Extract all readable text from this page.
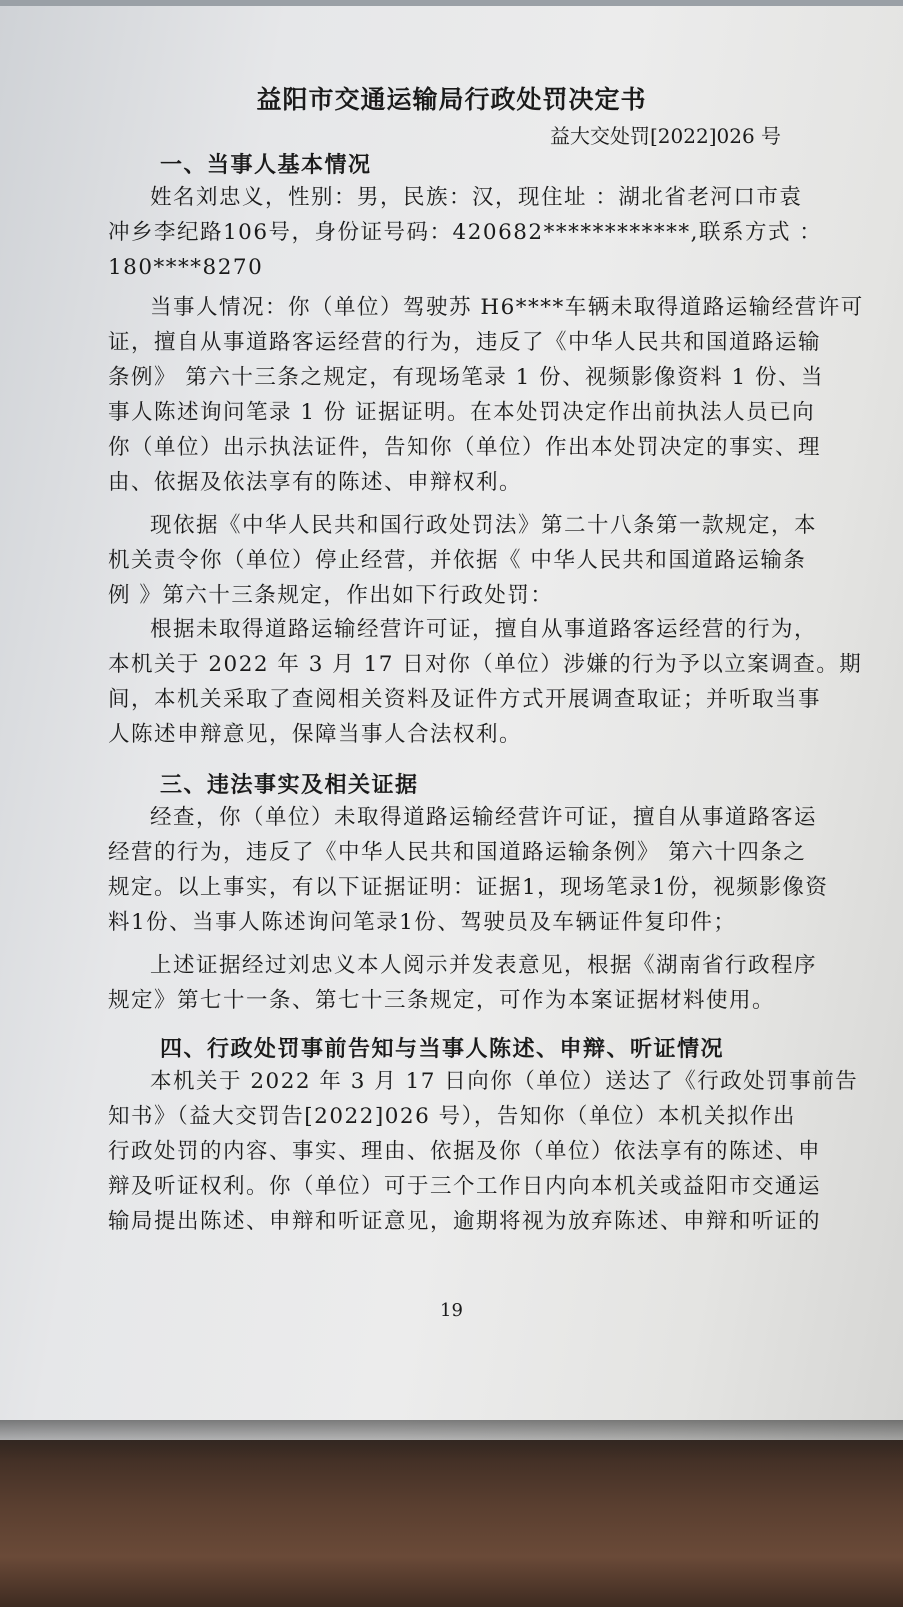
益阳市交通运输局行政处罚决定书
益大交处罚[2022]026 号
一、当事人基本情况
姓名刘忠义，性别：男，民族：汉，现住址 ：湖北省老河口市袁
冲乡李纪路106号，身份证号码：420682************,联系方式 ：
180****8270
当事人情况：你（单位）驾驶苏 H6****车辆未取得道路运输经营许可
证，擅自从事道路客运经营的行为，违反了《中华人民共和国道路运输
条例》 第六十三条之规定，有现场笔录 1 份、视频影像资料 1 份、当
事人陈述询问笔录 1 份 证据证明。在本处罚决定作出前执法人员已向
你（单位）出示执法证件，告知你（单位）作出本处罚决定的事实、理
由、依据及依法享有的陈述、申辩权利。
现依据《中华人民共和国行政处罚法》第二十八条第一款规定，本
机关责令你（单位）停止经营，并依据《 中华人民共和国道路运输条
例 》第六十三条规定，作出如下行政处罚：
根据未取得道路运输经营许可证，擅自从事道路客运经营的行为，
本机关于 2022 年 3 月 17 日对你（单位）涉嫌的行为予以立案调查。期
间，本机关采取了查阅相关资料及证件方式开展调查取证；并听取当事
人陈述申辩意见，保障当事人合法权利。
三、违法事实及相关证据
经查，你（单位）未取得道路运输经营许可证，擅自从事道路客运
经营的行为，违反了《中华人民共和国道路运输条例》 第六十四条之
规定。以上事实，有以下证据证明：证据1，现场笔录1份，视频影像资
料1份、当事人陈述询问笔录1份、驾驶员及车辆证件复印件；
上述证据经过刘忠义本人阅示并发表意见，根据《湖南省行政程序
规定》第七十一条、第七十三条规定，可作为本案证据材料使用。
四、行政处罚事前告知与当事人陈述、申辩、听证情况
本机关于 2022 年 3 月 17 日向你（单位）送达了《行政处罚事前告
知书》（益大交罚告[2022]026 号），告知你（单位）本机关拟作出
行政处罚的内容、事实、理由、依据及你（单位）依法享有的陈述、申
辩及听证权利。你（单位）可于三个工作日内向本机关或益阳市交通运
输局提出陈述、申辩和听证意见，逾期将视为放弃陈述、申辩和听证的
19
